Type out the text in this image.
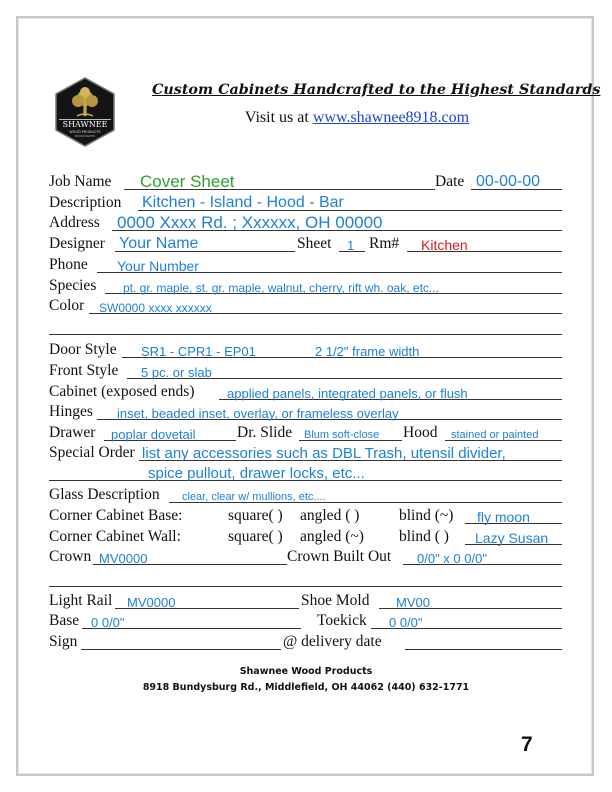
SHAWNEE
WOOD PRODUCTS
INCORPORATED
Custom Cabinets Handcrafted to the Highest Standards
Visit us at www.shawnee8918.com
Job Name Cover Sheet	Date 00-00-00
Description Kitchen - Island - Hood - Bar
Address 0000 Xxxx Rd. ; Xxxxxx, OH 00000
Designer Your Name	Sheet 1 Rm# Kitchen
Phone Your Number
Species pt. gr. maple, st. gr. maple, walnut, cherry, rift wh. oak, etc...
Color SW0000 xxxx xxxxxx
Door Style SR1 - CPR1 - EP01	2 1/2" frame width
Front Style 5 pc. or slab
Cabinet (exposed ends)	applied panels, integrated panels, or flush
Hinges inset, beaded inset, overlay, or frameless overlay
Drawer poplar dovetail	Dr. Slide Blum soft-close Hood stained or painted
Special Order list any accessories such as DBL Trash, utensil divider,
spice pullout, drawer locks, etc...
Glass Description clear, clear w/ mullions, etc....
Corner Cabinet Base:	square( ) angled ( )	blind (~) fly moon
Corner Cabinet Wall:	square( ) angled (~) blind ( ) Lazy Susan
Crown MV0000	Crown Built Out 0/0" x 0 0/0"
Light Rail MV0000	Shoe Mold MV00
Base 0 0/0"	Toekick 0 0/0"
Sign	@ delivery date
Shawnee Wood Products
8918 Bundysburg Rd., Middlefield, OH 44062 (440) 632-1771
7
